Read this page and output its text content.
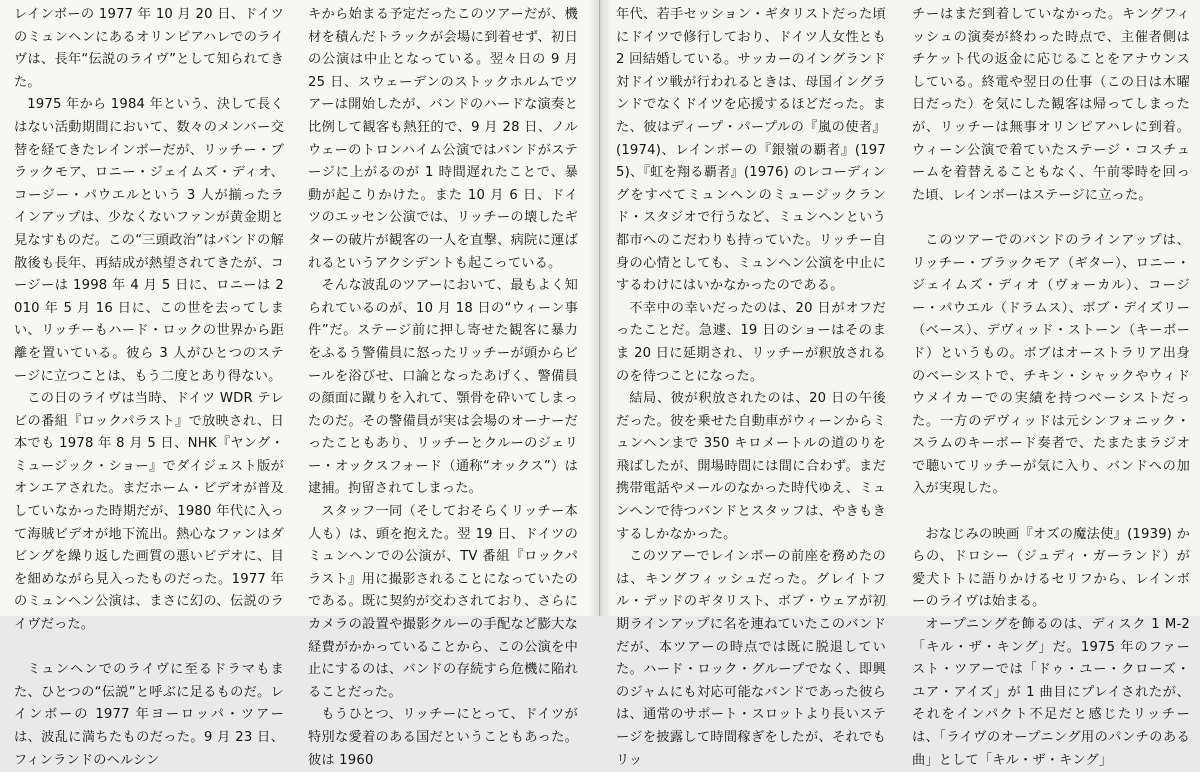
レインボーの 1977 年 10 月 20 日、ドイツのミュンヘンにあるオリンピアハレでのライヴは、長年“伝説のライヴ”として知られてきた。

1975 年から 1984 年という、決して長くはない活動期間において、数々のメンバー交替を経てきたレインボーだが、リッチー・ブラックモア、ロニー・ジェイムズ・ディオ、コージー・パウエルという 3 人が揃ったラインアップは、少なくないファンが黄金期と見なすものだ。この“三頭政治”はバンドの解散後も長年、再結成が熱望されてきたが、コージーは 1998 年 4 月 5 日に、ロニーは 2010 年 5 月 16 日に、この世を去ってしまい、リッチーもハード・ロックの世界から距離を置いている。彼ら 3 人がひとつのステージに立つことは、もう二度とあり得ない。

この日のライヴは当時、ドイツ WDR テレビの番組『ロックパラスト』で放映され、日本でも 1978 年 8 月 5 日、NHK『ヤング・ミュージック・ショー』でダイジェスト版がオンエアされた。まだホーム・ビデオが普及していなかった時期だが、1980 年代に入って海賊ビデオが地下流出。熱心なファンはダビングを繰り返した画質の悪いビデオに、目を細めながら見入ったものだった。1977 年のミュンヘン公演は、まさに幻の、伝説のライヴだった。

ミュンヘンでのライヴに至るドラマもまた、ひとつの“伝説”と呼ぶに足るものだ。レインボーの 1977 年ヨーロッパ・ツアーは、波乱に満ちたものだった。9 月 23 日、フィンランドのヘルシン

キから始まる予定だったこのツアーだが、機材を積んだトラックが会場に到着せず、初日の公演は中止となっている。翌々日の 9 月 25 日、スウェーデンのストックホルムでツアーは開始したが、バンドのハードな演奏と比例して観客も熱狂的で、9 月 28 日、ノルウェーのトロンハイム公演ではバンドがステージに上がるのが 1 時間遅れたことで、暴動が起こりかけた。また 10 月 6 日、ドイツのエッセン公演では、リッチーの壊したギターの破片が観客の一人を直撃、病院に運ばれるというアクシデントも起こっている。

そんな波乱のツアーにおいて、最もよく知られているのが、10 月 18 日の“ウィーン事件”だ。ステージ前に押し寄せた観客に暴力をふるう警備員に怒ったリッチーが頭からビールを浴びせ、口論となったあげく、警備員の顔面に蹴りを入れて、顎骨を砕いてしまったのだ。その警備員が実は会場のオーナーだったこともあり、リッチーとクルーのジェリー・オックスフォード（通称“オックス”）は逮捕。拘留されてしまった。

スタッフ一同（そしておそらくリッチー本人も）は、頭を抱えた。翌 19 日、ドイツのミュンヘンでの公演が、TV 番組『ロックパラスト』用に撮影されることになっていたのである。既に契約が交わされており、さらにカメラの設置や撮影クルーの手配など膨大な経費がかかっていることから、この公演を中止にするのは、バンドの存続すら危機に陥れることだった。

もうひとつ、リッチーにとって、ドイツが特別な愛着のある国だということもあった。彼は 1960

年代、若手セッション・ギタリストだった頃にドイツで修行しており、ドイツ人女性とも 2 回結婚している。サッカーのイングランド対ドイツ戦が行われるときは、母国イングランドでなくドイツを応援するほどだった。また、彼はディープ・パープルの『嵐の使者』(1974)、レインボーの『銀嶺の覇者』(1975)、『虹を翔る覇者』(1976) のレコーディングをすべてミュンヘンのミュージックランド・スタジオで行うなど、ミュンヘンという都市へのこだわりも持っていた。リッチー自身の心情としても、ミュンヘン公演を中止にするわけにはいかなかったのである。

不幸中の幸いだったのは、20 日がオフだったことだ。急遽、19 日のショーはそのまま 20 日に延期され、リッチーが釈放されるのを待つことになった。

結局、彼が釈放されたのは、20 日の午後だった。彼を乗せた自動車がウィーンからミュンヘンまで 350 キロメートルの道のりを飛ばしたが、開場時間には間に合わず。まだ携帯電話やメールのなかった時代ゆえ、ミュンヘンで待つバンドとスタッフは、やきもきするしかなかった。

このツアーでレインボーの前座を務めたのは、キングフィッシュだった。グレイトフル・デッドのギタリスト、ボブ・ウェアが初期ラインアップに名を連ねていたこのバンドだが、本ツアーの時点では既に脱退していた。ハード・ロック・グループでなく、即興のジャムにも対応可能なバンドであった彼らは、通常のサポート・スロットより長いステージを披露して時間稼ぎをしたが、それでもリッ

チーはまだ到着していなかった。キングフィッシュの演奏が終わった時点で、主催者側はチケット代の返金に応じることをアナウンスしている。終電や翌日の仕事（この日は木曜日だった）を気にした観客は帰ってしまったが、リッチーは無事オリンピアハレに到着。ウィーン公演で着ていたステージ・コスチュームを着替えることもなく、午前零時を回った頃、レインボーはステージに立った。

このツアーでのバンドのラインアップは、リッチー・ブラックモア（ギター）、ロニー・ジェイムズ・ディオ（ヴォーカル）、コージー・パウエル（ドラムス）、ボブ・デイズリー（ベース）、デヴィッド・ストーン（キーボード）というもの。ボブはオーストラリア出身のベーシストで、チキン・シャックやウィドウメイカーでの実績を持つベーシストだった。一方のデヴィッドは元シンフォニック・スラムのキーボード奏者で、たまたまラジオで聴いてリッチーが気に入り、バンドへの加入が実現した。

おなじみの映画『オズの魔法使』(1939) からの、ドロシー（ジュディ・ガーランド）が愛犬トトに語りかけるセリフから、レインボーのライヴは始まる。

オープニングを飾るのは、ディスク 1 M-2「キル・ザ・キング」だ。1975 年のファースト・ツアーでは「ドゥ・ユー・クローズ・ユア・アイズ」が 1 曲目にプレイされたが、それをインパクト不足だと感じたリッチーは、「ライヴのオープニング用のパンチのある曲」として「キル・ザ・キング」
